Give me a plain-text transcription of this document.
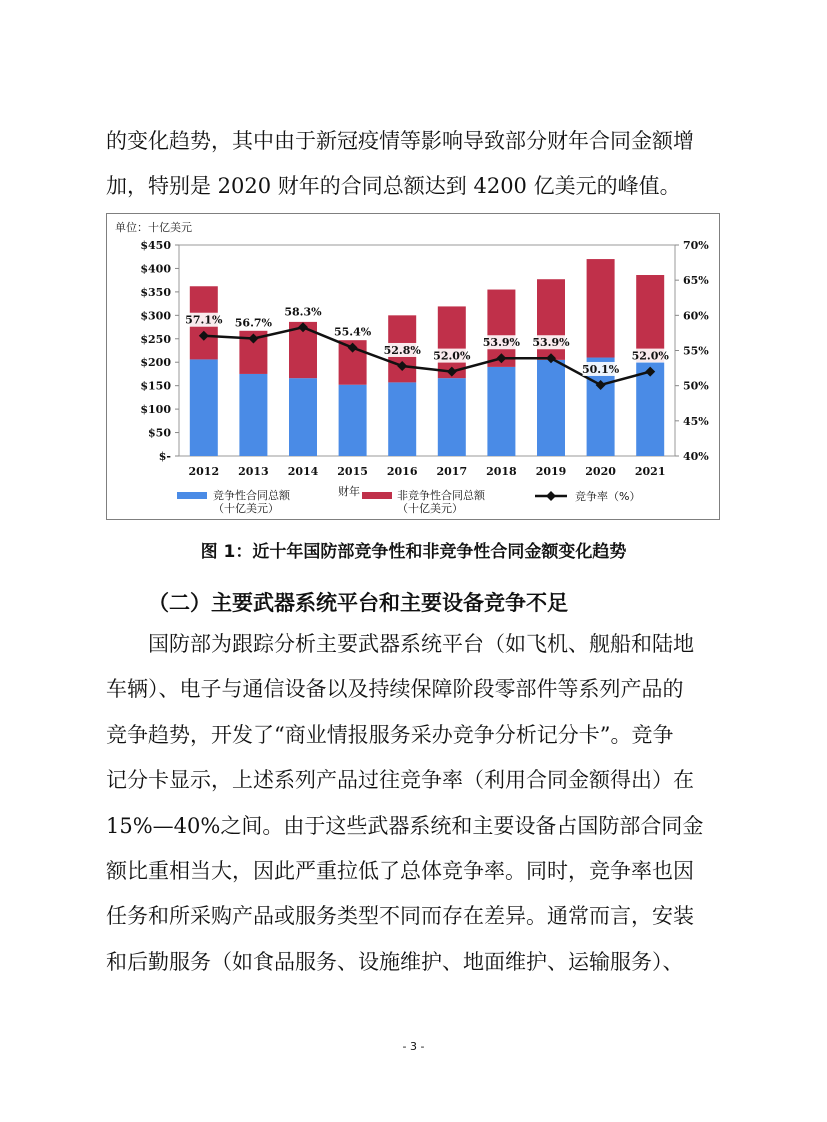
的变化趋势，其中由于新冠疫情等影响导致部分财年合同金额增
加，特别是 2020 财年的合同总额达到 4200 亿美元的峰值。
单位：十亿美元
$-
$50
$100
$150
$200
$250
$300
$350
$400
$450
40%
45%
50%
55%
60%
65%
70%
2012 2013 2014 2015 2016 2017 2018 2019 2020 2021
57.1% 56.7%
58.3%
55.4%
52.8% 52.0%
53.9% 53.9%
50.1%
52.0%
财年
竞争性合同总额
（十亿美元）
非竞争性合同总额
（十亿美元）
竞争率（%）
图 1：近十年国防部竞争性和非竞争性合同金额变化趋势
（二）主要武器系统平台和主要设备竞争不足
国防部为跟踪分析主要武器系统平台（如飞机、舰船和陆地
车辆）、电子与通信设备以及持续保障阶段零部件等系列产品的
竞争趋势，开发了“商业情报服务采办竞争分析记分卡”。竞争
记分卡显示，上述系列产品过往竞争率（利用合同金额得出）在
15%—40%之间。由于这些武器系统和主要设备占国防部合同金
额比重相当大，因此严重拉低了总体竞争率。同时，竞争率也因
任务和所采购产品或服务类型不同而存在差异。通常而言，安装
和后勤服务（如食品服务、设施维护、地面维护、运输服务）、
- 3 -
